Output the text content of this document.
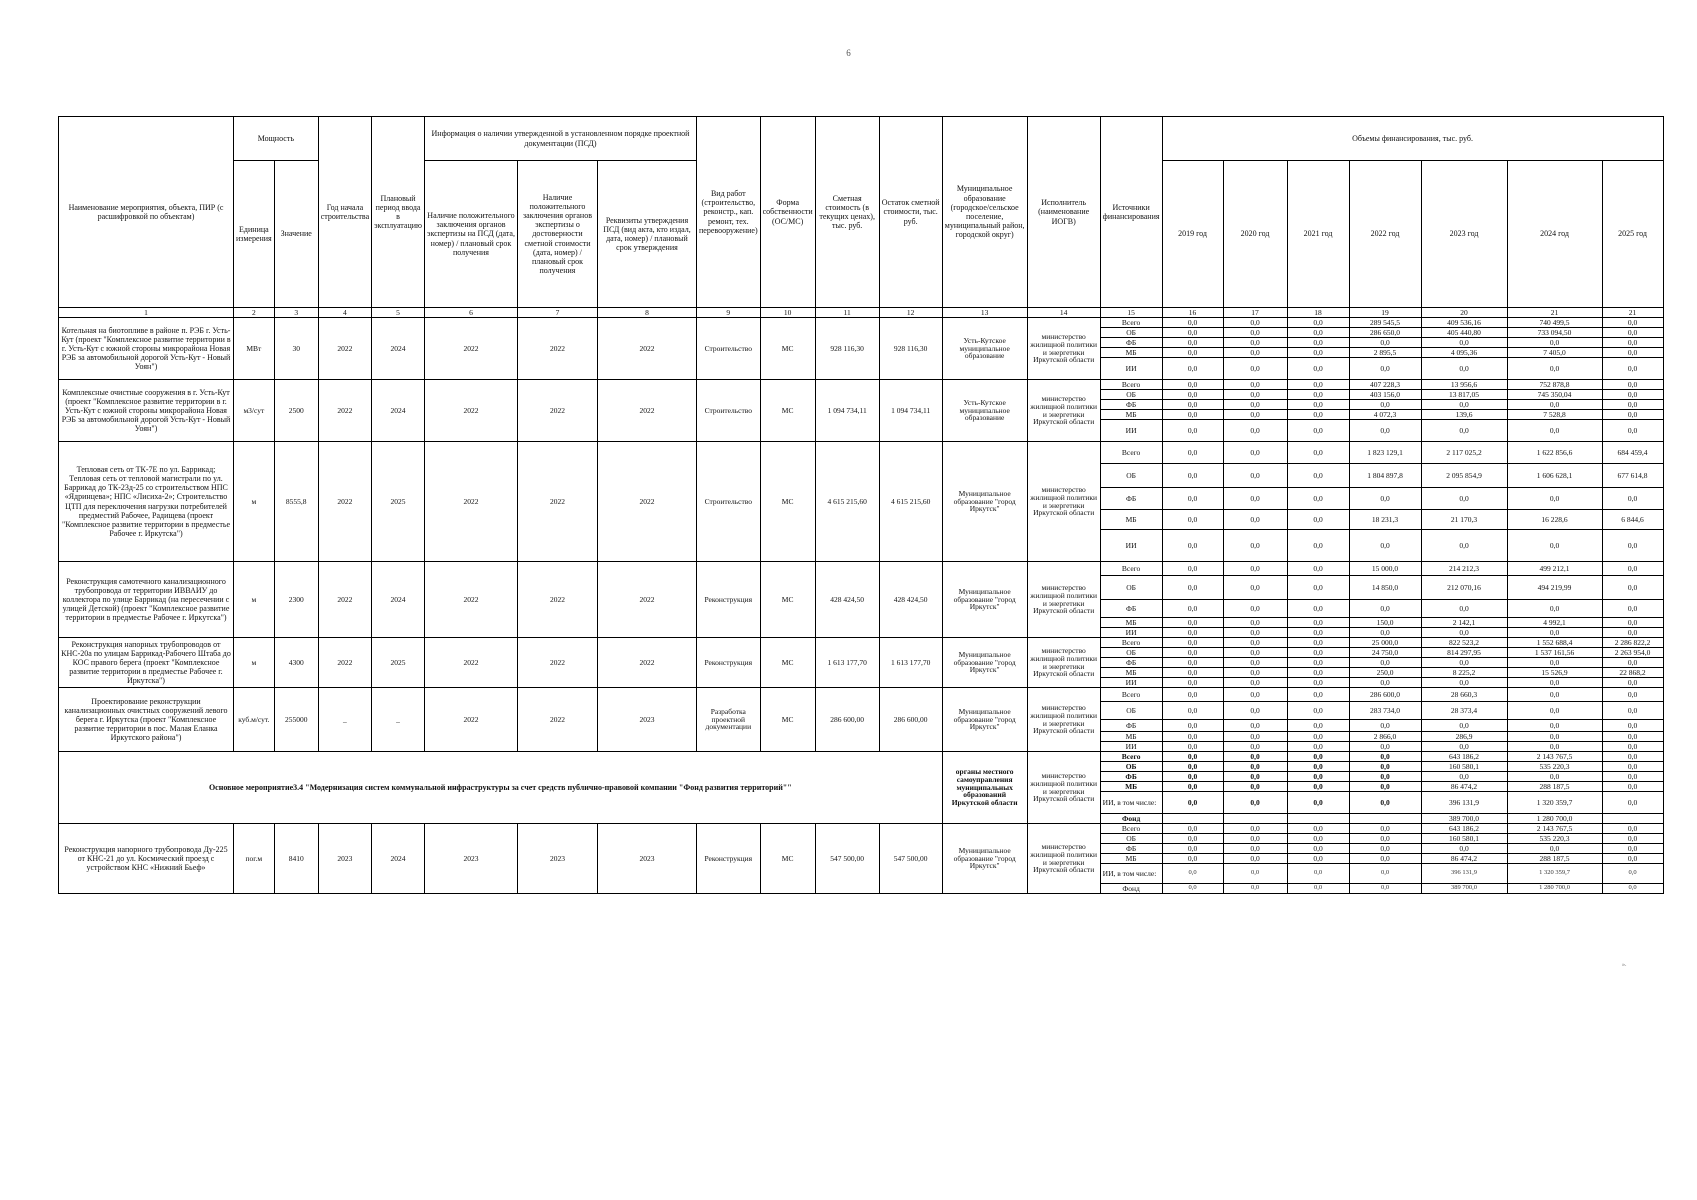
6
Наименование мероприятия, объекта, ПИР (с расшифровкой по объектам)	Мощность		Год начала строительства	Плановый период ввода в эксплуатацию	Информация о наличии утвержденной в установленном порядке проектной документации (ПСД)			Вид работ (строительство, реконстр., кап. ремонт, тех. перевооружение)	Форма собственности (ОС/МС)	Сметная стоимость (в текущих ценах), тыс. руб.	Остаток сметной стоимости, тыс. руб.	Муниципальное образование (городское/сельское поселение, муниципальный район, городской округ)	Исполнитель (наименование ИОГВ)	Источники финансирования	Объемы финансирования, тыс. руб.						
	Единица измерения	Значение			Наличие положительного заключения органов экспертизы на ПСД (дата, номер) / плановый срок получения	Наличие положительного заключения органов экспертизы о достоверности сметной стоимости (дата, номер) / плановый срок получения	Реквизиты утверждения ПСД (вид акта, кто издал, дата, номер) / плановый срок утверждения								2019 год	2020 год	2021 год	2022 год	2023 год	2024 год	2025 год
1	2	3	4	5	6	7	8	9	10	11	12	13	14	15	16	17	18	19	20	21	21
Котельная на биотопливе в районе п. РЭБ г. Усть-Кут (проект "Комплексное развитие территории в г. Усть-Кут с южной стороны микрорайона Новая РЭБ за автомобильной дорогой Усть-Кут - Новый Уоян")	МВт	30	2022	2024	2022	2022	2022	Строительство	МС	928 116,30	928 116,30	Усть-Кутское муниципальное образование	министерство жилищной политики и энергетики Иркутской области	Всего	0,0	0,0	0,0	289 545,5	409 536,16	740 499,5	0,0
														ОБ	0,0	0,0	0,0	286 650,0	405 440,80	733 094,50	0,0
														ФБ	0,0	0,0	0,0	0,0	0,0	0,0	0,0
														МБ	0,0	0,0	0,0	2 895,5	4 095,36	7 405,0	0,0
														ИИ	0,0	0,0	0,0	0,0	0,0	0,0	0,0
Комплексные очистные сооружения в г. Усть-Кут (проект "Комплексное развитие территории в г. Усть-Кут с южной стороны микрорайона Новая РЭБ за автомобильной дорогой Усть-Кут - Новый Уоян")	м3/сут	2500	2022	2024	2022	2022	2022	Строительство	МС	1 094 734,11	1 094 734,11	Усть-Кутское муниципальное образование	министерство жилищной политики и энергетики Иркутской области	Всего	0,0	0,0	0,0	407 228,3	13 956,6	752 878,8	0,0
														ОБ	0,0	0,0	0,0	403 156,0	13 817,05	745 350,04	0,0
														ФБ	0,0	0,0	0,0	0,0	0,0	0,0	0,0
														МБ	0,0	0,0	0,0	4 072,3	139,6	7 528,8	0,0
														ИИ	0,0	0,0	0,0	0,0	0,0	0,0	0,0
Тепловая сеть от ТК-7Е по ул. Баррикад; Тепловая сеть от тепловой магистрали по ул. Баррикад до ТК-23д-25 со строительством НПС «Ядринцева»; НПС «Лисиха-2»; Строительство ЦТП для переключения нагрузки потребителей предместий Рабочее, Радищева (проект "Комплексное развитие территории в предместье Рабочее г. Иркутска")	м	8555,8	2022	2025	2022	2022	2022	Строительство	МС	4 615 215,60	4 615 215,60	Муниципальное образование "город Иркутск"	министерство жилищной политики и энергетики Иркутской области	Всего	0,0	0,0	0,0	1 823 129,1	2 117 025,2	1 622 856,6	684 459,4
														ОБ	0,0	0,0	0,0	1 804 897,8	2 095 854,9	1 606 628,1	677 614,8
														ФБ	0,0	0,0	0,0	0,0	0,0	0,0	0,0
														МБ	0,0	0,0	0,0	18 231,3	21 170,3	16 228,6	6 844,6
														ИИ	0,0	0,0	0,0	0,0	0,0	0,0	0,0
Реконструкция самотечного канализационного трубопровода от территории ИВВАИУ до коллектора по улице Баррикад (на пересечении с улицей Детской) (проект "Комплексное развитие территории в предместье Рабочее г. Иркутска")	м	2300	2022	2024	2022	2022	2022	Реконструкция	МС	428 424,50	428 424,50	Муниципальное образование "город Иркутск"	министерство жилищной политики и энергетики Иркутской области	Всего	0,0	0,0	0,0	15 000,0	214 212,3	499 212,1	0,0
														ОБ	0,0	0,0	0,0	14 850,0	212 070,16	494 219,99	0,0
														ФБ	0,0	0,0	0,0	0,0	0,0	0,0	0,0
														МБ	0,0	0,0	0,0	150,0	2 142,1	4 992,1	0,0
														ИИ	0,0	0,0	0,0	0,0	0,0	0,0	0,0
Реконструкция напорных трубопроводов от КНС-20а по улицам Баррикад-Рабочего Штаба до КОС правого берега (проект "Комплексное развитие территории в предместье Рабочее г. Иркутска")	м	4300	2022	2025	2022	2022	2022	Реконструкция	МС	1 613 177,70	1 613 177,70	Муниципальное образование "город Иркутск"	министерство жилищной политики и энергетики Иркутской области	Всего	0,0	0,0	0,0	25 000,0	822 523,2	1 552 688,4	2 286 822,2
														ОБ	0,0	0,0	0,0	24 750,0	814 297,95	1 537 161,56	2 263 954,0
														ФБ	0,0	0,0	0,0	0,0	0,0	0,0	0,0
														МБ	0,0	0,0	0,0	250,0	8 225,2	15 526,9	22 868,2
														ИИ	0,0	0,0	0,0	0,0	0,0	0,0	0,0
Проектирование реконструкции канализационных очистных сооружений левого берега г. Иркутска (проект "Комплексное развитие территории в пос. Малая Еланка Иркутского района")	куб.м/сут.	255000	_	_	2022	2022	2023	Разработка проектной документации	МС	286 600,00	286 600,00	Муниципальное образование "город Иркутск"	министерство жилищной политики и энергетики Иркутской области	Всего	0,0	0,0	0,0	286 600,0	28 660,3	0,0	0,0
														ОБ	0,0	0,0	0,0	283 734,0	28 373,4	0,0	0,0
														ФБ	0,0	0,0	0,0	0,0	0,0	0,0	0,0
														МБ	0,0	0,0	0,0	2 866,0	286,9	0,0	0,0
														ИИ	0,0	0,0	0,0	0,0	0,0	0,0	0,0
Основное мероприятие3.4 "Модернизация систем коммунальной инфраструктуры за счет средств публично-правовой компании "Фонд развития территорий""												органы местного самоуправления муниципальных образований Иркутской области	министерство жилищной политики и энергетики Иркутской области	Всего	0,0	0,0	0,0	0,0	643 186,2	2 143 767,5	0,0
														ОБ	0,0	0,0	0,0	0,0	160 580,1	535 220,3	0,0
														ФБ	0,0	0,0	0,0	0,0	0,0	0,0	0,0
														МБ	0,0	0,0	0,0	0,0	86 474,2	288 187,5	0,0
														ИИ, в том числе:	0,0	0,0	0,0	0,0	396 131,9	1 320 359,7	0,0
														Фонд					389 700,0	1 280 700,0	
Реконструкция напорного трубопровода Ду-225 от КНС-21 до ул. Космический проезд с устройством КНС «Нижний Бьеф»	пог.м	8410	2023	2024	2023	2023	2023	Реконструкция	МС	547 500,00	547 500,00	Муниципальное образование "город Иркутск"	министерство жилищной политики и энергетики Иркутской области	Всего	0,0	0,0	0,0	0,0	643 186,2	2 143 767,5	0,0
														ОБ	0,0	0,0	0,0	0,0	160 580,1	535 220,3	0,0
														ФБ	0,0	0,0	0,0	0,0	0,0	0,0	0,0
														МБ	0,0	0,0	0,0	0,0	86 474,2	288 187,5	0,0
														ИИ, в том числе:	0,0	0,0	0,0	0,0	396 131,9	1 320 359,7	0,0
														Фонд	0,0	0,0	0,0	0,0	389 700,0	1 280 700,0	0,0
».
